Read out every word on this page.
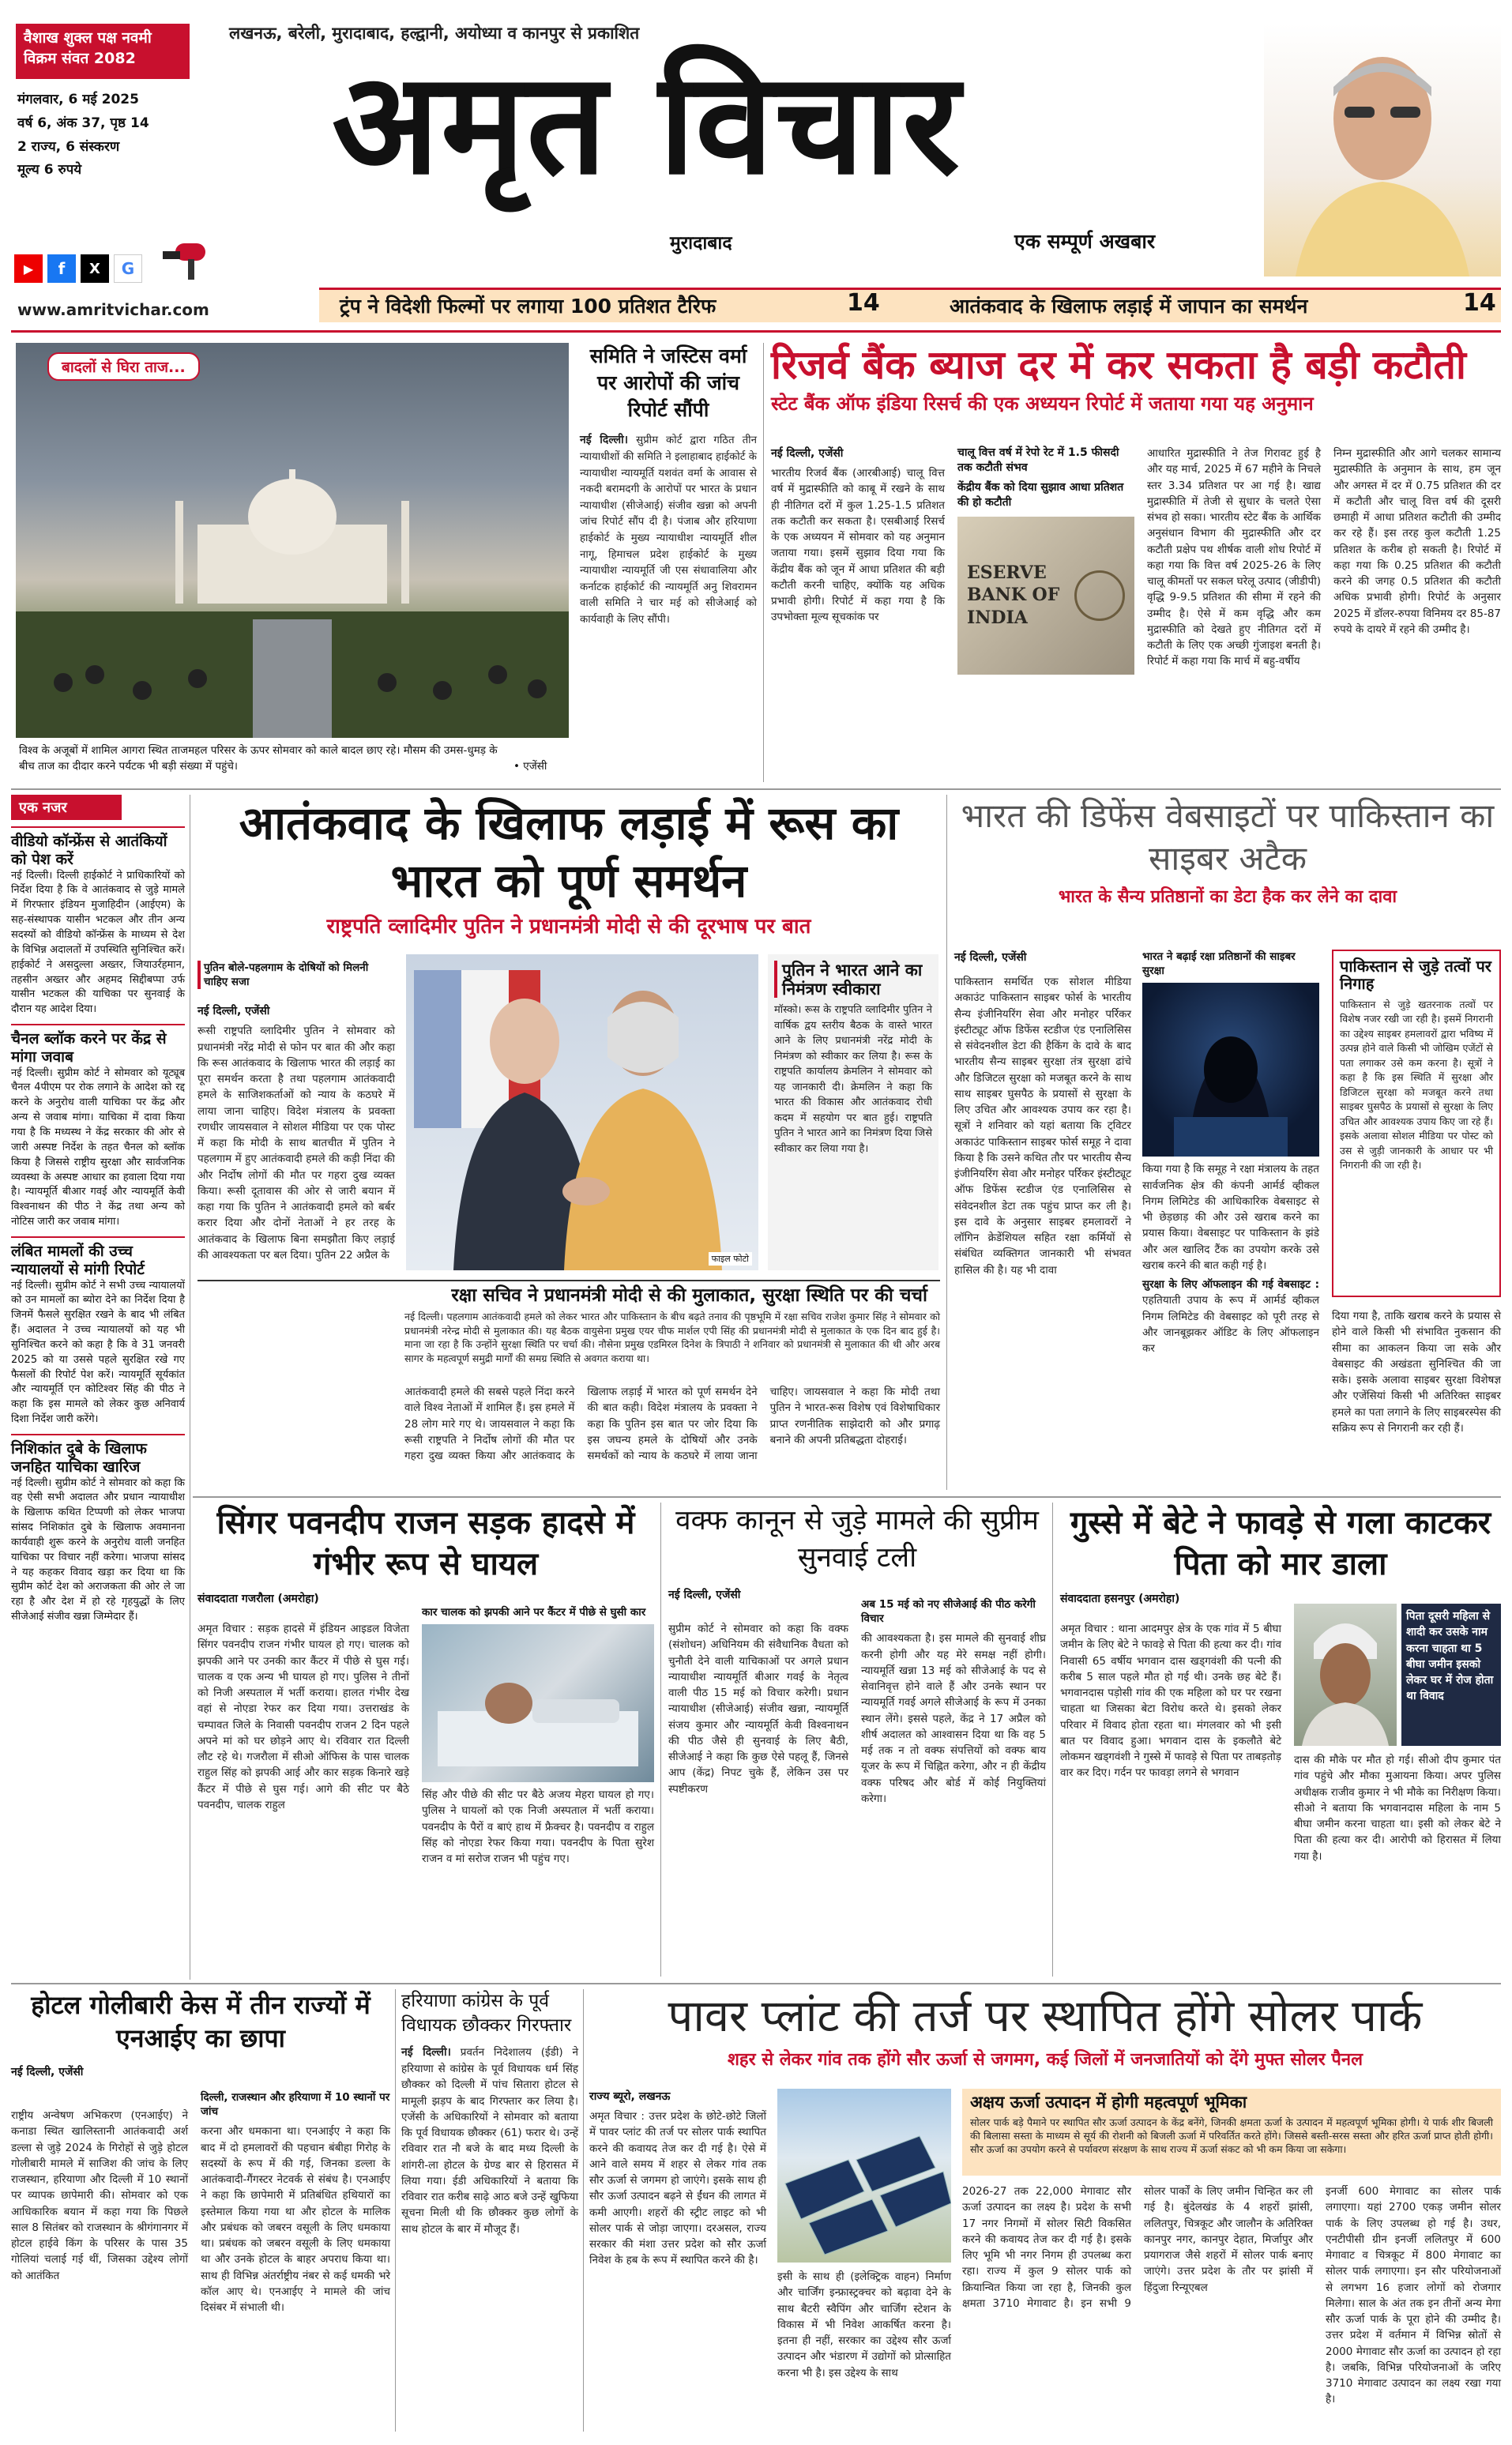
वैशाख शुक्ल पक्ष नवमी
विक्रम संवत 2082
मंगलवार, 6 मई 2025
वर्ष 6, अंक 37, पृष्ठ 14
2 राज्य, 6 संस्करण
मूल्य 6 रुपये
▶	f	X	G
लखनऊ, बरेली, मुरादाबाद, हल्द्वानी, अयोध्या व कानपुर से प्रकाशित
अमृत विचार
मुरादाबाद	एक सम्पूर्ण अखबार
www.amritvichar.com	ट्रंप ने विदेशी फिल्मों पर लगाया 100 प्रतिशत टैरिफ	14	आतंकवाद के खिलाफ लड़ाई में जापान का समर्थन	14
बादलों से घिरा ताज...
विश्व के अजूबों में शामिल आगरा स्थित ताजमहल परिसर के ऊपर सोमवार को काले बादल छाए रहे। मौसम की उमस-धुमड़ के बीच ताज का दीदार करने पर्यटक भी बड़ी संख्या में पहुंचे।	• एजेंसी
समिति ने जस्टिस वर्मा पर आरोपों की जांच रिपोर्ट सौंपी
नई दिल्ली। सुप्रीम कोर्ट द्वारा गठित तीन न्यायाधीशों की समिति ने इलाहाबाद हाईकोर्ट के न्यायाधीश न्यायमूर्ति यशवंत वर्मा के आवास से नकदी बरामदगी के आरोपों पर भारत के प्रधान न्यायाधीश (सीजेआई) संजीव खन्ना को अपनी जांच रिपोर्ट सौंप दी है। पंजाब और हरियाणा हाईकोर्ट के मुख्य न्यायाधीश न्यायमूर्ति शील नागू, हिमाचल प्रदेश हाईकोर्ट के मुख्य न्यायाधीश न्यायमूर्ति जी एस संधावालिया और कर्नाटक हाईकोर्ट की न्यायमूर्ति अनु शिवरामन वाली समिति ने चार मई को सीजेआई को कार्यवाही के लिए सौंपी।
रिजर्व बैंक ब्याज दर में कर सकता है बड़ी कटौती
स्टेट बैंक ऑफ इंडिया रिसर्च की एक अध्ययन रिपोर्ट में जताया गया यह अनुमान
नई दिल्ली, एजेंसी
भारतीय रिजर्व बैंक (आरबीआई) चालू वित्त वर्ष में मुद्रास्फीति को काबू में रखने के साथ ही नीतिगत दरों में कुल 1.25-1.5 प्रतिशत तक कटौती कर सकता है। एसबीआई रिसर्च के एक अध्ययन में सोमवार को यह अनुमान जताया गया। इसमें सुझाव दिया गया कि केंद्रीय बैंक को जून में आधा प्रतिशत की बड़ी कटौती करनी चाहिए, क्योंकि यह अधिक प्रभावी होगी। रिपोर्ट में कहा गया है कि उपभोक्ता मूल्य सूचकांक पर
चालू वित्त वर्ष में रेपो रेट में 1.5 फीसदी तक कटौती संभव
केंद्रीय बैंक को दिया सुझाव आधा प्रतिशत की हो कटौती
ESERVE BANK OF INDIA
आधारित मुद्रास्फीति ने तेज गिरावट हुई है और यह मार्च, 2025 में 67 महीने के निचले स्तर 3.34 प्रतिशत पर आ गई है। खाद्य मुद्रास्फीति में तेजी से सुधार के चलते ऐसा संभव हो सका। भारतीय स्टेट बैंक के आर्थिक अनुसंधान विभाग की मुद्रास्फीति और दर कटौती प्रक्षेप पथ शीर्षक वाली शोध रिपोर्ट में कहा गया कि वित्त वर्ष 2025-26 के लिए चालू कीमतों पर सकल घरेलू उत्पाद (जीडीपी) वृद्धि 9-9.5 प्रतिशत की सीमा में रहने की उम्मीद है। ऐसे में कम वृद्धि और कम मुद्रास्फीति को देखते हुए नीतिगत दरों में कटौती के लिए एक अच्छी गुंजाइश बनती है। रिपोर्ट में कहा गया कि मार्च में बहु-वर्षीय
निम्न मुद्रास्फीति और आगे चलकर सामान्य मुद्रास्फीति के अनुमान के साथ, हम जून और अगस्त में दर में 0.75 प्रतिशत की दर में कटौती और चालू वित्त वर्ष की दूसरी छमाही में आधा प्रतिशत कटौती की उम्मीद कर रहे हैं। इस तरह कुल कटौती 1.25 प्रतिशत के करीब हो सकती है। रिपोर्ट में कहा गया कि 0.25 प्रतिशत की कटौती करने की जगह 0.5 प्रतिशत की कटौती अधिक प्रभावी होगी। रिपोर्ट के अनुसार 2025 में डॉलर-रुपया विनिमय दर 85-87 रुपये के दायरे में रहने की उम्मीद है।
एक नजर
वीडियो कॉन्फ्रेंस से आतंकियों को पेश करें

नई दिल्ली। दिल्ली हाईकोर्ट ने प्राधिकारियों को निर्देश दिया है कि वे आतंकवाद से जुड़े मामले में गिरफ्तार इंडियन मुजाहिदीन (आईएम) के सह-संस्थापक यासीन भटकल और तीन अन्य सदस्यों को वीडियो कॉन्फ्रेंस के माध्यम से देश के विभिन्न अदालतों में उपस्थिति सुनिश्चित करें। हाईकोर्ट ने असदुल्ला अख्तर, जियाउर्रहमान, तहसीन अख्तर और अहमद सिद्दीबप्पा उर्फ यासीन भटकल की याचिका पर सुनवाई के दौरान यह आदेश दिया।

चैनल ब्लॉक करने पर केंद्र से मांगा जवाब

नई दिल्ली। सुप्रीम कोर्ट ने सोमवार को यूट्यूब चैनल 4पीएम पर रोक लगाने के आदेश को रद्द करने के अनुरोध वाली याचिका पर केंद्र और अन्य से जवाब मांगा। याचिका में दावा किया गया है कि मध्यस्थ ने केंद्र सरकार की ओर से जारी अस्पष्ट निर्देश के तहत चैनल को ब्लॉक किया है जिससे राष्ट्रीय सुरक्षा और सार्वजनिक व्यवस्था के अस्पष्ट आधार का हवाला दिया गया है। न्यायमूर्ति बीआर गवई और न्यायमूर्ति केवी विश्वनाथन की पीठ ने केंद्र तथा अन्य को नोटिस जारी कर जवाब मांगा।

लंबित मामलों की उच्च न्यायालयों से मांगी रिपोर्ट

नई दिल्ली। सुप्रीम कोर्ट ने सभी उच्च न्यायालयों को उन मामलों का ब्योरा देने का निर्देश दिया है जिनमें फैसले सुरक्षित रखने के बाद भी लंबित हैं। अदालत ने उच्च न्यायालयों को यह भी सुनिश्चित करने को कहा है कि वे 31 जनवरी 2025 को या उससे पहले सुरक्षित रखे गए फैसलों की रिपोर्ट पेश करें। न्यायमूर्ति सूर्यकांत और न्यायमूर्ति एन कोटिश्वर सिंह की पीठ ने कहा कि इस मामले को लेकर कुछ अनिवार्य दिशा निर्देश जारी करेंगे।

निशिकांत दुबे के खिलाफ जनहित याचिका खारिज

नई दिल्ली। सुप्रीम कोर्ट ने सोमवार को कहा कि वह ऐसी सभी अदालत और प्रधान न्यायाधीश के खिलाफ कथित टिप्पणी को लेकर भाजपा सांसद निशिकांत दुबे के खिलाफ अवमानना कार्यवाही शुरू करने के अनुरोध वाली जनहित याचिका पर विचार नहीं करेगा। भाजपा सांसद ने यह कहकर विवाद खड़ा कर दिया था कि सुप्रीम कोर्ट देश को अराजकता की ओर ले जा रहा है और देश में हो रहे गृहयुद्धों के लिए सीजेआई संजीव खन्ना जिम्मेदार हैं।

आतंकवाद के खिलाफ लड़ाई में रूस का भारत को पूर्ण समर्थन
राष्ट्रपति व्लादिमीर पुतिन ने प्रधानमंत्री मोदी से की दूरभाष पर बात
पुतिन बोले-पहलगाम के दोषियों को मिलनी चाहिए सजा
नई दिल्ली, एजेंसी
रूसी राष्ट्रपति व्लादिमीर पुतिन ने सोमवार को प्रधानमंत्री नरेंद्र मोदी से फोन पर बात की और कहा कि रूस आतंकवाद के खिलाफ भारत की लड़ाई का पूरा समर्थन करता है तथा पहलगाम आतंकवादी हमले के साजिशकर्ताओं को न्याय के कठघरे में लाया जाना चाहिए। विदेश मंत्रालय के प्रवक्ता रणधीर जायसवाल ने सोशल मीडिया पर एक पोस्ट में कहा कि मोदी के साथ बातचीत में पुतिन ने पहलगाम में हुए आतंकवादी हमले की कड़ी निंदा की और निर्दोष लोगों की मौत पर गहरा दुख व्यक्त किया। रूसी दूतावास की ओर से जारी बयान में कहा गया कि पुतिन ने आतंकवादी हमले को बर्बर करार दिया और दोनों नेताओं ने हर तरह के आतंकवाद के खिलाफ बिना समझौता किए लड़ाई की आवश्यकता पर बल दिया। पुतिन 22 अप्रैल के	फाइल फोटो
पुतिन ने भारत आने का निमंत्रण स्वीकारा
मॉस्को। रूस के राष्ट्रपति व्लादिमीर पुतिन ने वार्षिक द्वय स्तरीय बैठक के वास्ते भारत आने के लिए प्रधानमंत्री नरेंद्र मोदी के निमंत्रण को स्वीकार कर लिया है। रूस के राष्ट्रपति कार्यालय क्रेमलिन ने सोमवार को यह जानकारी दी। क्रेमलिन ने कहा कि भारत की विकास और आतंकवाद रोधी कदम में सहयोग पर बात हुई। राष्ट्रपति पुतिन ने भारत आने का निमंत्रण दिया जिसे स्वीकार कर लिया गया है।
रक्षा सचिव ने प्रधानमंत्री मोदी से की मुलाकात, सुरक्षा स्थिति पर की चर्चा
नई दिल्ली। पहलगाम आतंकवादी हमले को लेकर भारत और पाकिस्तान के बीच बढ़ते तनाव की पृष्ठभूमि में रक्षा सचिव राजेश कुमार सिंह ने सोमवार को प्रधानमंत्री नरेन्द्र मोदी से मुलाकात की। यह बैठक वायुसेना प्रमुख एयर चीफ मार्शल एपी सिंह की प्रधानमंत्री मोदी से मुलाकात के एक दिन बाद हुई है। माना जा रहा है कि उन्होंने सुरक्षा स्थिति पर चर्चा की। नौसेना प्रमुख एडमिरल दिनेश के त्रिपाठी ने शनिवार को प्रधानमंत्री से मुलाकात की थी और अरब सागर के महत्वपूर्ण समुद्री मार्गों की समग्र स्थिति से अवगत कराया था।
आतंकवादी हमले की सबसे पहले निंदा करने वाले विश्व नेताओं में शामिल हैं। इस हमले में 28 लोग मारे गए थे। जायसवाल ने कहा कि रूसी राष्ट्रपति ने निर्दोष लोगों की मौत पर गहरा दुख व्यक्त किया और आतंकवाद के खिलाफ लड़ाई में भारत को पूर्ण समर्थन देने की बात कही। विदेश मंत्रालय के प्रवक्ता ने कहा कि पुतिन इस बात पर जोर दिया कि इस जघन्य हमले के दोषियों और उनके समर्थकों को न्याय के कठघरे में लाया जाना चाहिए। जायसवाल ने कहा कि मोदी तथा पुतिन ने भारत-रूस विशेष एवं विशेषाधिकार प्राप्त रणनीतिक साझेदारी को और प्रगाढ़ बनाने की अपनी प्रतिबद्धता दोहराई।
भारत की डिफेंस वेबसाइटों पर पाकिस्तान का साइबर अटैक
भारत के सैन्य प्रतिष्ठानों का डेटा हैक कर लेने का दावा
नई दिल्ली, एजेंसी
पाकिस्तान समर्थित एक सोशल मीडिया अकाउंट पाकिस्तान साइबर फोर्स के भारतीय सैन्य इंजीनियरिंग सेवा और मनोहर पर्रिकर इंस्टीट्यूट ऑफ डिफेंस स्टडीज एंड एनालिसिस से संवेदनशील डेटा की हैकिंग के दावे के बाद भारतीय सैन्य साइबर सुरक्षा तंत्र सुरक्षा ढांचे और डिजिटल सुरक्षा को मजबूत करने के साथ साथ साइबर घुसपैठ के प्रयासों से सुरक्षा के लिए उचित और आवश्यक उपाय कर रहा है। सूत्रों ने शनिवार को यहां बताया कि ट्विटर अकाउंट पाकिस्तान साइबर फोर्स समूह ने दावा किया है कि उसने कथित तौर पर भारतीय सैन्य इंजीनियरिंग सेवा और मनोहर पर्रिकर इंस्टीट्यूट ऑफ डिफेंस स्टडीज एंड एनालिसिस से संवेदनशील डेटा तक पहुंच प्राप्त कर ली है। इस दावे के अनुसार साइबर हमलावरों ने लॉगिन क्रेडेंशियल सहित रक्षा कर्मियों से संबंधित व्यक्तिगत जानकारी भी संभवत हासिल की है। यह भी दावा
भारत ने बढ़ाई रक्षा प्रतिष्ठानों की साइबर सुरक्षा
किया गया है कि समूह ने रक्षा मंत्रालय के तहत सार्वजनिक क्षेत्र की कंपनी आर्मर्ड व्हीकल निगम लिमिटेड की आधिकारिक वेबसाइट से भी छेड़छाड़ की और उसे खराब करने का प्रयास किया। वेबसाइट पर पाकिस्तान के झंडे और अल खालिद टैंक का उपयोग करके उसे खराब करने की बात कही गई है।
सुरक्षा के लिए ऑफलाइन की गई वेबसाइट : एहतियाती उपाय के रूप में आर्मर्ड व्हीकल निगम लिमिटेड की वेबसाइट को पूरी तरह से और जानबूझकर ऑडिट के लिए ऑफलाइन कर
पाकिस्तान से जुड़े तत्वों पर निगाह
पाकिस्तान से जुड़े खतरनाक तत्वों पर विशेष नजर रखी जा रही है। इसमें निगरानी का उद्देश्य साइबर हमलावरों द्वारा भविष्य में उत्पन्न होने वाले किसी भी जोखिम एजेंटों से पता लगाकर उसे कम करना है। सूत्रों ने कहा है कि इस स्थिति में सुरक्षा और डिजिटल सुरक्षा को मजबूत करने तथा साइबर घुसपैठ के प्रयासों से सुरक्षा के लिए उचित और आवश्यक उपाय किए जा रहे हैं। इसके अलावा सोशल मीडिया पर पोस्ट को उस से जुड़ी जानकारी के आधार पर भी निगरानी की जा रही है।
दिया गया है, ताकि खराब करने के प्रयास से होने वाले किसी भी संभावित नुकसान की सीमा का आकलन किया जा सके और वेबसाइट की अखंडता सुनिश्चित की जा सके। इसके अलावा साइबर सुरक्षा विशेषज्ञ और एजेंसियां किसी भी अतिरिक्त साइबर हमले का पता लगाने के लिए साइबरस्पेस की सक्रिय रूप से निगरानी कर रही हैं।
सिंगर पवनदीप राजन सड़क हादसे में गंभीर रूप से घायल
संवाददाता गजरौला (अमरोहा)
अमृत विचार : सड़क हादसे में इंडियन आइडल विजेता सिंगर पवनदीप राजन गंभीर घायल हो गए। चालक को झपकी आने पर उनकी कार कैंटर में पीछे से घुस गई। चालक व एक अन्य भी घायल हो गए। पुलिस ने तीनों को निजी अस्पताल में भर्ती कराया। हालत गंभीर देख वहां से नोएडा रेफर कर दिया गया। उत्तराखंड के चम्पावत जिले के निवासी पवनदीप राजन 2 दिन पहले अपने मां को घर छोड़ने आए थे। रविवार रात दिल्ली लौट रहे थे। गजरौला में सीओ ऑफिस के पास चालक राहुल सिंह को झपकी आई और कार सड़क किनारे खड़े कैंटर में पीछे से घुस गई। आगे की सीट पर बैठे पवनदीप, चालक राहुल
कार चालक को झपकी आने पर कैंटर में पीछे से घुसी कार
सिंह और पीछे की सीट पर बैठे अजय मेहरा घायल हो गए। पुलिस ने घायलों को एक निजी अस्पताल में भर्ती कराया। पवनदीप के पैरों व बाएं हाथ में फ्रैक्चर है। पवनदीप व राहुल सिंह को नोएडा रेफर किया गया। पवनदीप के पिता सुरेश राजन व मां सरोज राजन भी पहुंच गए।
वक्फ कानून से जुड़े मामले की सुप्रीम सुनवाई टली
नई दिल्ली, एजेंसी
सुप्रीम कोर्ट ने सोमवार को कहा कि वक्फ (संशोधन) अधिनियम की संवैधानिक वैधता को चुनौती देने वाली याचिकाओं पर अगले प्रधान न्यायाधीश न्यायमूर्ति बीआर गवई के नेतृत्व वाली पीठ 15 मई को विचार करेगी। प्रधान न्यायाधीश (सीजेआई) संजीव खन्ना, न्यायमूर्ति संजय कुमार और न्यायमूर्ति केवी विश्वनाथन की पीठ जैसे ही सुनवाई के लिए बैठी, सीजेआई ने कहा कि कुछ ऐसे पहलू हैं, जिनसे आप (केंद्र) निपट चुके हैं, लेकिन उस पर स्पष्टीकरण
अब 15 मई को नए सीजेआई की पीठ करेगी विचार
की आवश्यकता है। इस मामले की सुनवाई शीघ्र करनी होगी और यह मेरे समक्ष नहीं होगी। न्यायमूर्ति खन्ना 13 मई को सीजेआई के पद से सेवानिवृत्त होने वाले हैं और उनके स्थान पर न्यायमूर्ति गवई अगले सीजेआई के रूप में उनका स्थान लेंगे। इससे पहले, केंद्र ने 17 अप्रैल को शीर्ष अदालत को आश्वासन दिया था कि वह 5 मई तक न तो वक्फ संपत्तियों को वक्फ बाय यूजर के रूप में चिह्नित करेगा, और न ही केंद्रीय वक्फ परिषद और बोर्ड में कोई नियुक्तियां करेगा।
गुस्से में बेटे ने फावड़े से गला काटकर पिता को मार डाला
संवाददाता हसनपुर (अमरोहा)
अमृत विचार : थाना आदमपुर क्षेत्र के एक गांव में 5 बीघा जमीन के लिए बेटे ने फावड़े से पिता की हत्या कर दी। गांव निवासी 65 वर्षीय भगवान दास खड्गवंशी की पत्नी की करीब 5 साल पहले मौत हो गई थी। उनके छह बेटे हैं। भगवानदास पड़ोसी गांव की एक महिला को घर पर रखना चाहता था जिसका बेटा विरोध करते थे। इसको लेकर परिवार में विवाद होता रहता था। मंगलवार को भी इसी बात पर विवाद हुआ। भगवान दास के इकलौते बेटे लोकमन खड्गवंशी ने गुस्से में फावड़े से पिता पर ताबड़तोड़ वार कर दिए। गर्दन पर फावड़ा लगने से भगवान
पिता दूसरी महिला से शादी कर उसके नाम करना चाहता था 5 बीघा जमीन इसको लेकर घर में रोज होता था विवाद
दास की मौके पर मौत हो गई। सीओ दीप कुमार पंत गांव पहुंचे और मौका मुआयना किया। अपर पुलिस अधीक्षक राजीव कुमार ने भी मौके का निरीक्षण किया। सीओ ने बताया कि भगवानदास महिला के नाम 5 बीघा जमीन करना चाहता था। इसी को लेकर बेटे ने पिता की हत्या कर दी। आरोपी को हिरासत में लिया गया है।
होटल गोलीबारी केस में तीन राज्यों में एनआईए का छापा
नई दिल्ली, एजेंसी
राष्ट्रीय अन्वेषण अभिकरण (एनआईए) ने कनाडा स्थित खालिस्तानी आतंकवादी अर्श डल्ला से जुड़े 2024 के गिरोहों से जुड़े होटल गोलीबारी मामले में साजिश की जांच के लिए राजस्थान, हरियाणा और दिल्ली में 10 स्थानों पर व्यापक छापेमारी की। सोमवार को एक आधिकारिक बयान में कहा गया कि पिछले साल 8 सितंबर को राजस्थान के श्रीगंगानगर में होटल हाईवे किंग के परिसर के पास 35 गोलियां चलाई गई थीं, जिसका उद्देश्य लोगों को आतंकित
दिल्ली, राजस्थान और हरियाणा में 10 स्थानों पर जांच
करना और धमकाना था। एनआईए ने कहा कि बाद में दो हमलावरों की पहचान बंबीहा गिरोह के सदस्यों के रूप में की गई, जिनका डल्ला के आतंकवादी-गैंगस्टर नेटवर्क से संबंध है। एनआईए ने कहा कि छापेमारी में प्रतिबंधित हथियारों का इस्तेमाल किया गया था और होटल के मालिक और प्रबंधक को जबरन वसूली के लिए धमकाया था। प्रबंधक को जबरन वसूली के लिए धमकाया था और उनके होटल के बाहर अपराध किया था। साथ ही विभिन्न अंतर्राष्ट्रीय नंबर से कई धमकी भरे कॉल आए थे। एनआईए ने मामले की जांच दिसंबर में संभाली थी।
हरियाणा कांग्रेस के पूर्व विधायक छौक्कर गिरफ्तार
नई दिल्ली। प्रवर्तन निदेशालय (ईडी) ने हरियाणा से कांग्रेस के पूर्व विधायक धर्म सिंह छौक्कर को दिल्ली में पांच सितारा होटल से मामूली झड़प के बाद गिरफ्तार कर लिया है। एजेंसी के अधिकारियों ने सोमवार को बताया कि पूर्व विधायक छौक्कर (61) फरार थे। उन्हें रविवार रात नौ बजे के बाद मध्य दिल्ली के शांगरी-ला होटल के ग्रेण्ड बार से हिरासत में लिया गया। ईडी अधिकारियों ने बताया कि रविवार रात करीब साढ़े आठ बजे उन्हें खुफिया सूचना मिली थी कि छौक्कर कुछ लोगों के साथ होटल के बार में मौजूद हैं।
पावर प्लांट की तर्ज पर स्थापित होंगे सोलर पार्क
शहर से लेकर गांव तक होंगे सौर ऊर्जा से जगमग, कई जिलों में जनजातियों को देंगे मुफ्त सोलर पैनल
राज्य ब्यूरो, लखनऊ
अमृत विचार : उत्तर प्रदेश के छोटे-छोटे जिलों में पावर प्लांट की तर्ज पर सोलर पार्क स्थापित करने की कवायद तेज कर दी गई है। ऐसे में आने वाले समय में शहर से लेकर गांव तक सौर ऊर्जा से जगमग हो जाएंगे। इसके साथ ही सौर ऊर्जा उत्पादन बढ़ने से ईंधन की लागत में कमी आएगी। शहरों की स्ट्रीट लाइट को भी सोलर पार्क से जोड़ा जाएगा। दरअसल, राज्य सरकार की मंशा उत्तर प्रदेश को सौर ऊर्जा निवेश के हब के रूप में स्थापित करने की है।
इसी के साथ ही (इलेक्ट्रिक वाहन) निर्माण और चार्जिंग इन्फ्रास्ट्रक्चर को बढ़ावा देने के साथ बैटरी स्वैपिंग और चार्जिंग स्टेशन के विकास में भी निवेश आकर्षित करना है। इतना ही नहीं, सरकार का उद्देश्य सौर ऊर्जा उत्पादन और भंडारण में उद्योगों को प्रोत्साहित करना भी है। इस उद्देश्य के साथ
अक्षय ऊर्जा उत्पादन में होगी महत्वपूर्ण भूमिका
सोलर पार्क बड़े पैमाने पर स्थापित सौर ऊर्जा उत्पादन के केंद्र बनेंगे, जिनकी क्षमता ऊर्जा के उत्पादन में महत्वपूर्ण भूमिका होगी। ये पार्क शीर बिजली की बिलासा सस्ता के माध्यम से सूर्य की रोशनी को बिजली ऊर्जा में परिवर्तित करते होंगे। जिससे बस्ती-सरस सस्ता और हरित ऊर्जा प्राप्त होती होगी। सौर ऊर्जा का उपयोग करने से पर्यावरण संरक्षण के साथ राज्य में ऊर्जा संकट को भी कम किया जा सकेगा।
2026-27 तक 22,000 मेगावाट सौर ऊर्जा उत्पादन का लक्ष्य है। प्रदेश के सभी 17 नगर निगमों में सोलर सिटी विकसित करने की कवायद तेज कर दी गई है। इसके लिए भूमि भी नगर निगम ही उपलब्ध करा रहा। राज्य में कुल 9 सोलर पार्क को क्रियान्वित किया जा रहा है, जिनकी कुल क्षमता 3710 मेगावाट है। इन सभी 9 सोलर पार्कों के लिए जमीन चिन्हित कर ली गई है। बुंदेलखंड के 4 शहरों झांसी, ललितपुर, चित्रकूट और जालौन के अतिरिक्त कानपुर नगर, कानपुर देहात, मिर्जापुर और प्रयागराज जैसे शहरों में सोलर पार्क बनाए जाएंगे। उत्तर प्रदेश के तौर पर झांसी में हिंदुजा रिन्यूएबल
इनर्जी 600 मेगावाट का सोलर पार्क लगाएगा। यहां 2700 एकड़ जमीन सोलर पार्क के लिए उपलब्ध हो गई है। उधर, एनटीपीसी ग्रीन इनर्जी ललितपुर में 600 मेगावाट व चित्रकूट में 800 मेगावाट का सोलर पार्क लगाएगा। इन सौर परियोजनाओं से लगभग 16 हजार लोगों को रोजगार मिलेगा। साल के अंत तक इन तीनों अन्य मेगा सौर ऊर्जा पार्क के पूरा होने की उम्मीद है। उत्तर प्रदेश में वर्तमान में विभिन्न स्रोतों से 2000 मेगावाट सौर ऊर्जा का उत्पादन हो रहा है। जबकि, विभिन्न परियोजनाओं के जरिए 3710 मेगावाट उत्पादन का लक्ष्य रखा गया है।
